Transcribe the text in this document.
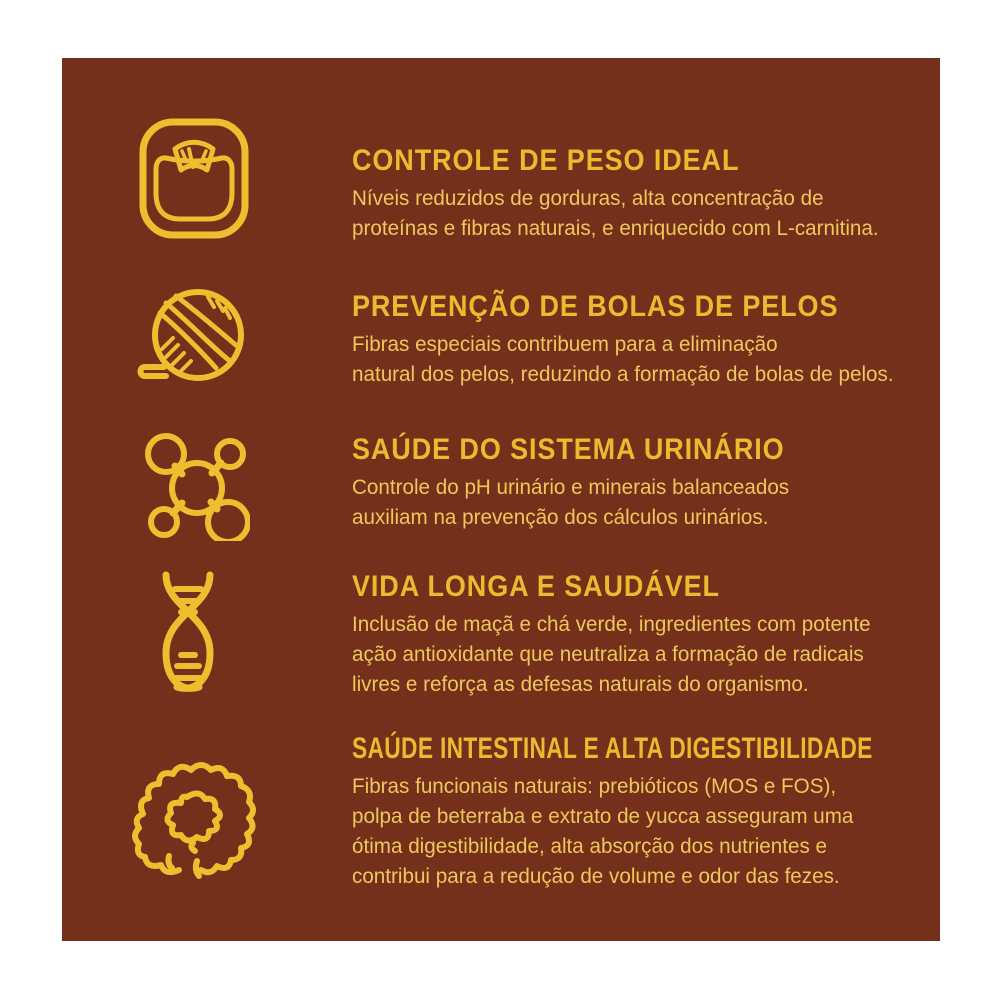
CONTROLE DE PESO IDEAL

Níveis reduzidos de gorduras, alta concentração de

proteínas e fibras naturais, e enriquecido com L-carnitina.

PREVENÇÃO DE BOLAS DE PELOS

Fibras especiais contribuem para a eliminação

natural dos pelos, reduzindo a formação de bolas de pelos.

SAÚDE DO SISTEMA URINÁRIO

Controle do pH urinário e minerais balanceados

auxiliam na prevenção dos cálculos urinários.

VIDA LONGA E SAUDÁVEL

Inclusão de maçã e chá verde, ingredientes com potente

ação antioxidante que neutraliza a formação de radicais

livres e reforça as defesas naturais do organismo.

SAÚDE INTESTINAL E ALTA DIGESTIBILIDADE

Fibras funcionais naturais: prebióticos (MOS e FOS),

polpa de beterraba e extrato de yucca asseguram uma

ótima digestibilidade, alta absorção dos nutrientes e

contribui para a redução de volume e odor das fezes.
